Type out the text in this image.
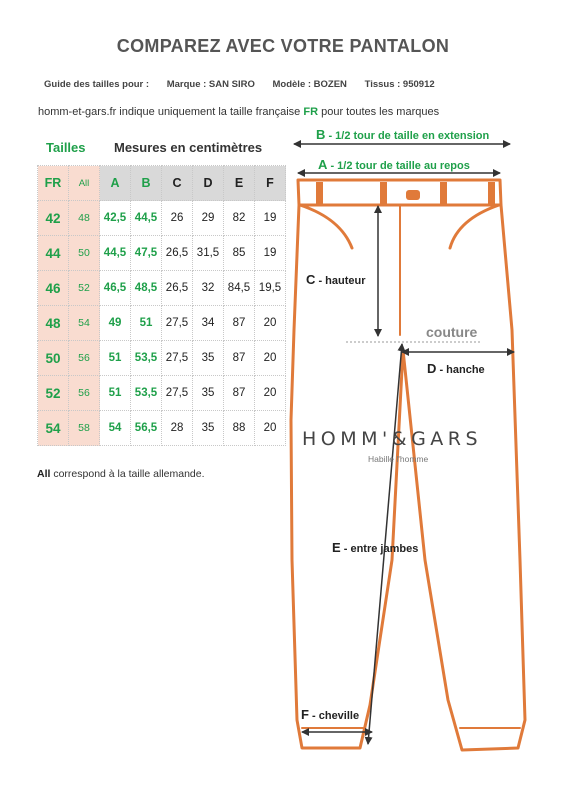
COMPAREZ AVEC VOTRE PANTALON
Guide des tailles pour : Marque : SAN SIRO Modèle : BOZEN Tissus : 950912
homm-et-gars.fr indique uniquement la taille française FR pour toutes les marques
Tailles Mesures en centimètres
FR	All	A	B	C	D	E	F
42	48	42,5	44,5	26	29	82	19
44	50	44,5	47,5	26,5	31,5	85	19
46	52	46,5	48,5	26,5	32	84,5	19,5
48	54	49	51	27,5	34	87	20
50	56	51	53,5	27,5	35	87	20
52	56	51	53,5	27,5	35	87	20
54	58	54	56,5	28	35	88	20
All correspond à la taille allemande.
B - 1/2 tour de taille en extension
A - 1/2 tour de taille au repos
C - hauteur
D - hanche
E - entre jambes
F - cheville
couture
HOMM'&GARS
Habille l'homme
